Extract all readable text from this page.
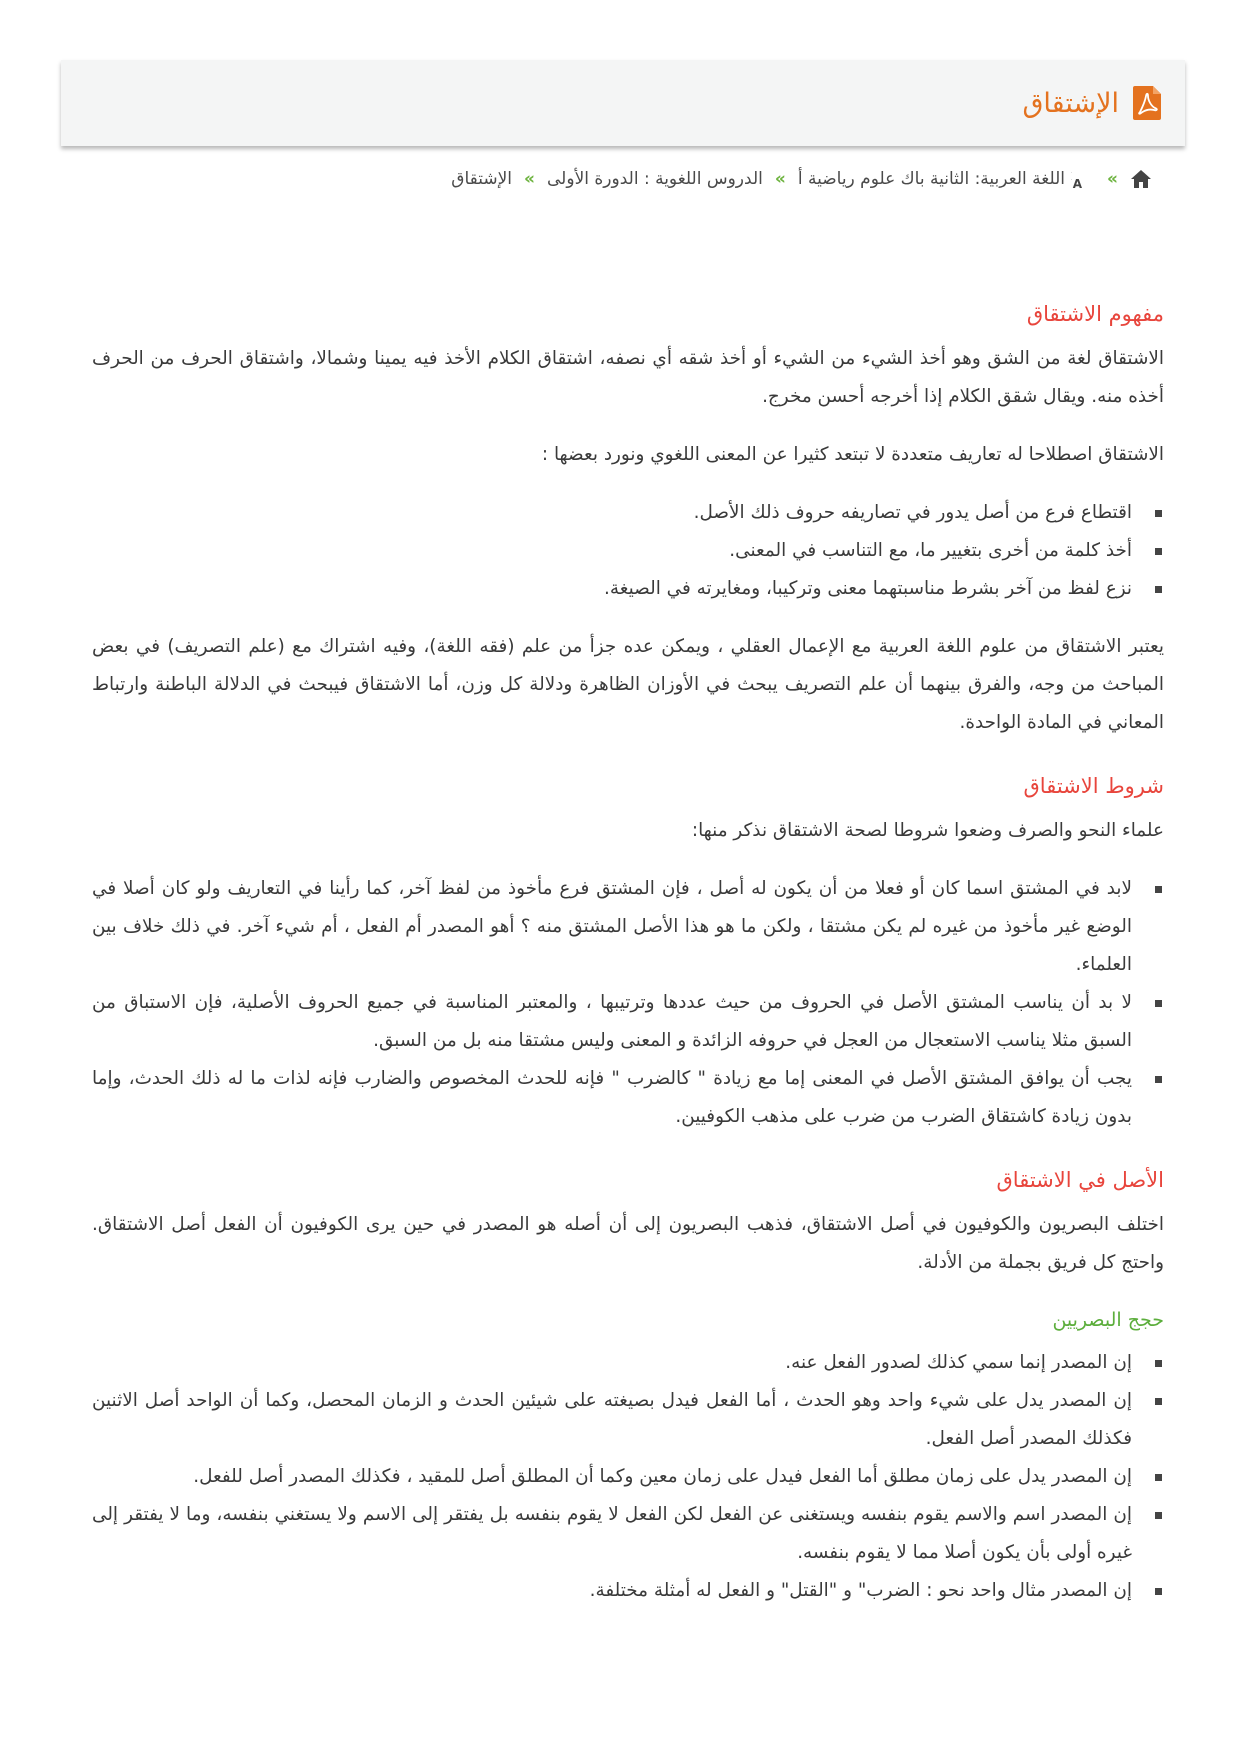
الإشتقاق
»
A
اللغة العربية: الثانية باك علوم رياضية أ
»
الدروس اللغوية : الدورة الأولى
»
الإشتقاق
مفهوم الاشتقاق

الاشتقاق لغة من الشق وهو أخذ الشيء من الشيء أو أخذ شقه أي نصفه، اشتقاق الكلام الأخذ فيه يمينا وشمالا، واشتقاق الحرف من الحرف أخذه منه. ويقال شقق الكلام إذا أخرجه أحسن مخرج.

الاشتقاق اصطلاحا له تعاريف متعددة لا تبتعد كثيرا عن المعنى اللغوي ونورد بعضها :

اقتطاع فرع من أصل يدور في تصاريفه حروف ذلك الأصل.
أخذ كلمة من أخرى بتغيير ما، مع التناسب في المعنى.
نزع لفظ من آخر بشرط مناسبتهما معنى وتركيبا، ومغايرته في الصيغة.

يعتبر الاشتقاق من علوم اللغة العربية مع الإعمال العقلي ، ويمكن عده جزأ من علم (فقه اللغة)، وفيه اشتراك مع (علم التصريف) في بعض المباحث من وجه، والفرق بينهما أن علم التصريف يبحث في الأوزان الظاهرة ودلالة كل وزن، أما الاشتقاق فيبحث في الدلالة الباطنة وارتباط المعاني في المادة الواحدة.

شروط الاشتقاق

علماء النحو والصرف وضعوا شروطا لصحة الاشتقاق نذكر منها:

لابد في المشتق اسما كان أو فعلا من أن يكون له أصل ، فإن المشتق فرع مأخوذ من لفظ آخر، كما رأينا في التعاريف ولو كان أصلا في الوضع غير مأخوذ من غيره لم يكن مشتقا ، ولكن ما هو هذا الأصل المشتق منه ؟ أهو المصدر أم الفعل ، أم شيء آخر. في ذلك خلاف بين العلماء.
لا بد أن يناسب المشتق الأصل في الحروف من حيث عددها وترتيبها ، والمعتبر المناسبة في جميع الحروف الأصلية، فإن الاستباق من السبق مثلا يناسب الاستعجال من العجل في حروفه الزائدة و المعنى وليس مشتقا منه بل من السبق.
يجب أن يوافق المشتق الأصل في المعنى إما مع زيادة " كالضرب " فإنه للحدث المخصوص والضارب فإنه لذات ما له ذلك الحدث، وإما بدون زيادة كاشتقاق الضرب من ضرب على مذهب الكوفيين.
الأصل في الاشتقاق

اختلف البصريون والكوفيون في أصل الاشتقاق، فذهب البصريون إلى أن أصله هو المصدر في حين يرى الكوفيون أن الفعل أصل الاشتقاق. واحتج كل فريق بجملة من الأدلة.

حجج البصريين
إن المصدر إنما سمي كذلك لصدور الفعل عنه.
إن المصدر يدل على شيء واحد وهو الحدث ، أما الفعل فيدل بصيغته على شيئين الحدث و الزمان المحصل، وكما أن الواحد أصل الاثنين فكذلك المصدر أصل الفعل.
إن المصدر يدل على زمان مطلق أما الفعل فيدل على زمان معين وكما أن المطلق أصل للمقيد ، فكذلك المصدر أصل للفعل.
إن المصدر اسم والاسم يقوم بنفسه ويستغنى عن الفعل لكن الفعل لا يقوم بنفسه بل يفتقر إلى الاسم ولا يستغني بنفسه، وما لا يفتقر إلى غيره أولى بأن يكون أصلا مما لا يقوم بنفسه.
إن المصدر مثال واحد نحو : الضرب" و "القتل" و الفعل له أمثلة مختلفة.
